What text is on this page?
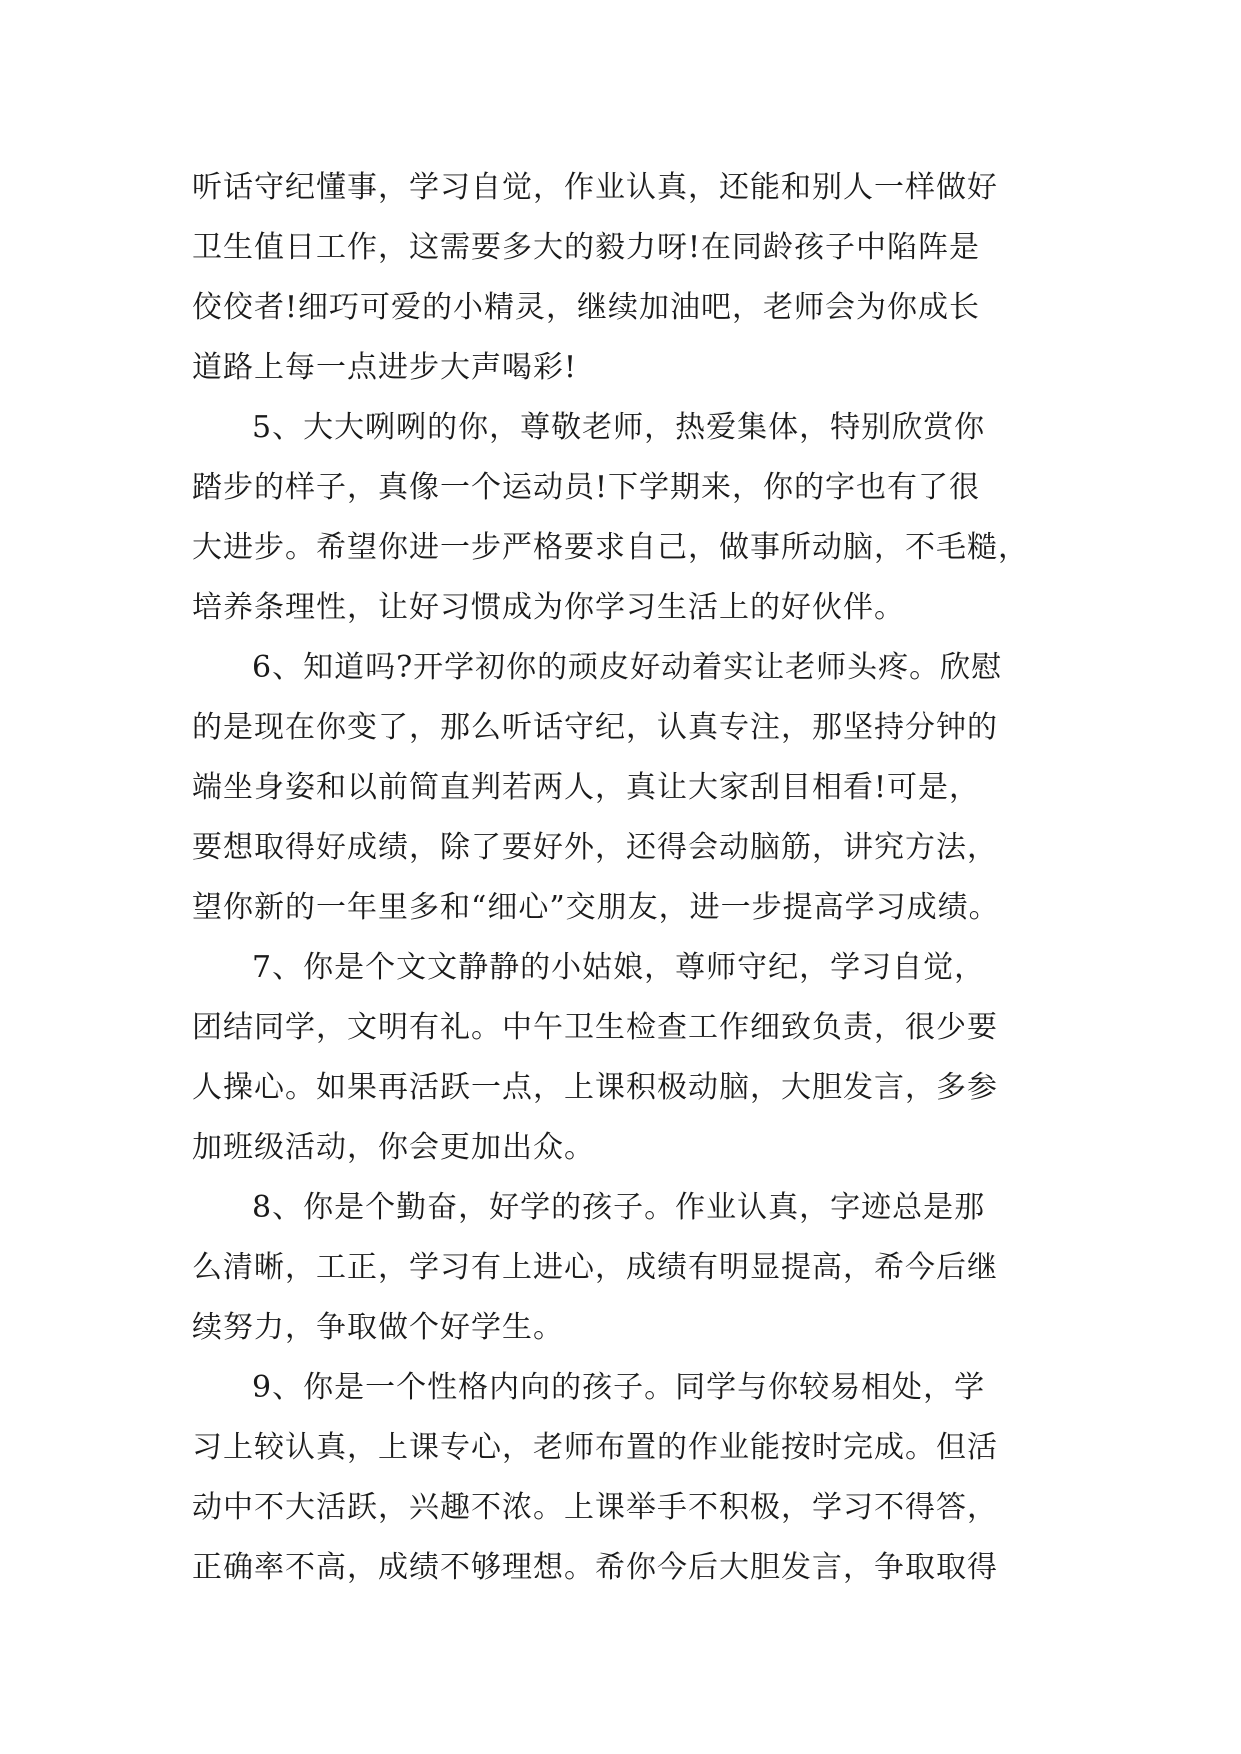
听话守纪懂事，学习自觉，作业认真，还能和别人一样做好
卫生值日工作，这需要多大的毅力呀!在同龄孩子中陷阵是
佼佼者!细巧可爱的小精灵，继续加油吧，老师会为你成长
道路上每一点进步大声喝彩!
5、大大咧咧的你，尊敬老师，热爱集体，特别欣赏你
踏步的样子，真像一个运动员!下学期来，你的字也有了很
大进步。希望你进一步严格要求自己，做事所动脑，不毛糙，
培养条理性，让好习惯成为你学习生活上的好伙伴。
6、知道吗?开学初你的顽皮好动着实让老师头疼。欣慰
的是现在你变了，那么听话守纪，认真专注，那坚持分钟的
端坐身姿和以前简直判若两人，真让大家刮目相看!可是，
要想取得好成绩，除了要好外，还得会动脑筋，讲究方法，
望你新的一年里多和“细心”交朋友，进一步提高学习成绩。
7、你是个文文静静的小姑娘，尊师守纪，学习自觉，
团结同学，文明有礼。中午卫生检查工作细致负责，很少要
人操心。如果再活跃一点，上课积极动脑，大胆发言，多参
加班级活动，你会更加出众。
8、你是个勤奋，好学的孩子。作业认真，字迹总是那
么清晰，工正，学习有上进心，成绩有明显提高，希今后继
续努力，争取做个好学生。
9、你是一个性格内向的孩子。同学与你较易相处，学
习上较认真，上课专心，老师布置的作业能按时完成。但活
动中不大活跃，兴趣不浓。上课举手不积极，学习不得答，
正确率不高，成绩不够理想。希你今后大胆发言，争取取得
